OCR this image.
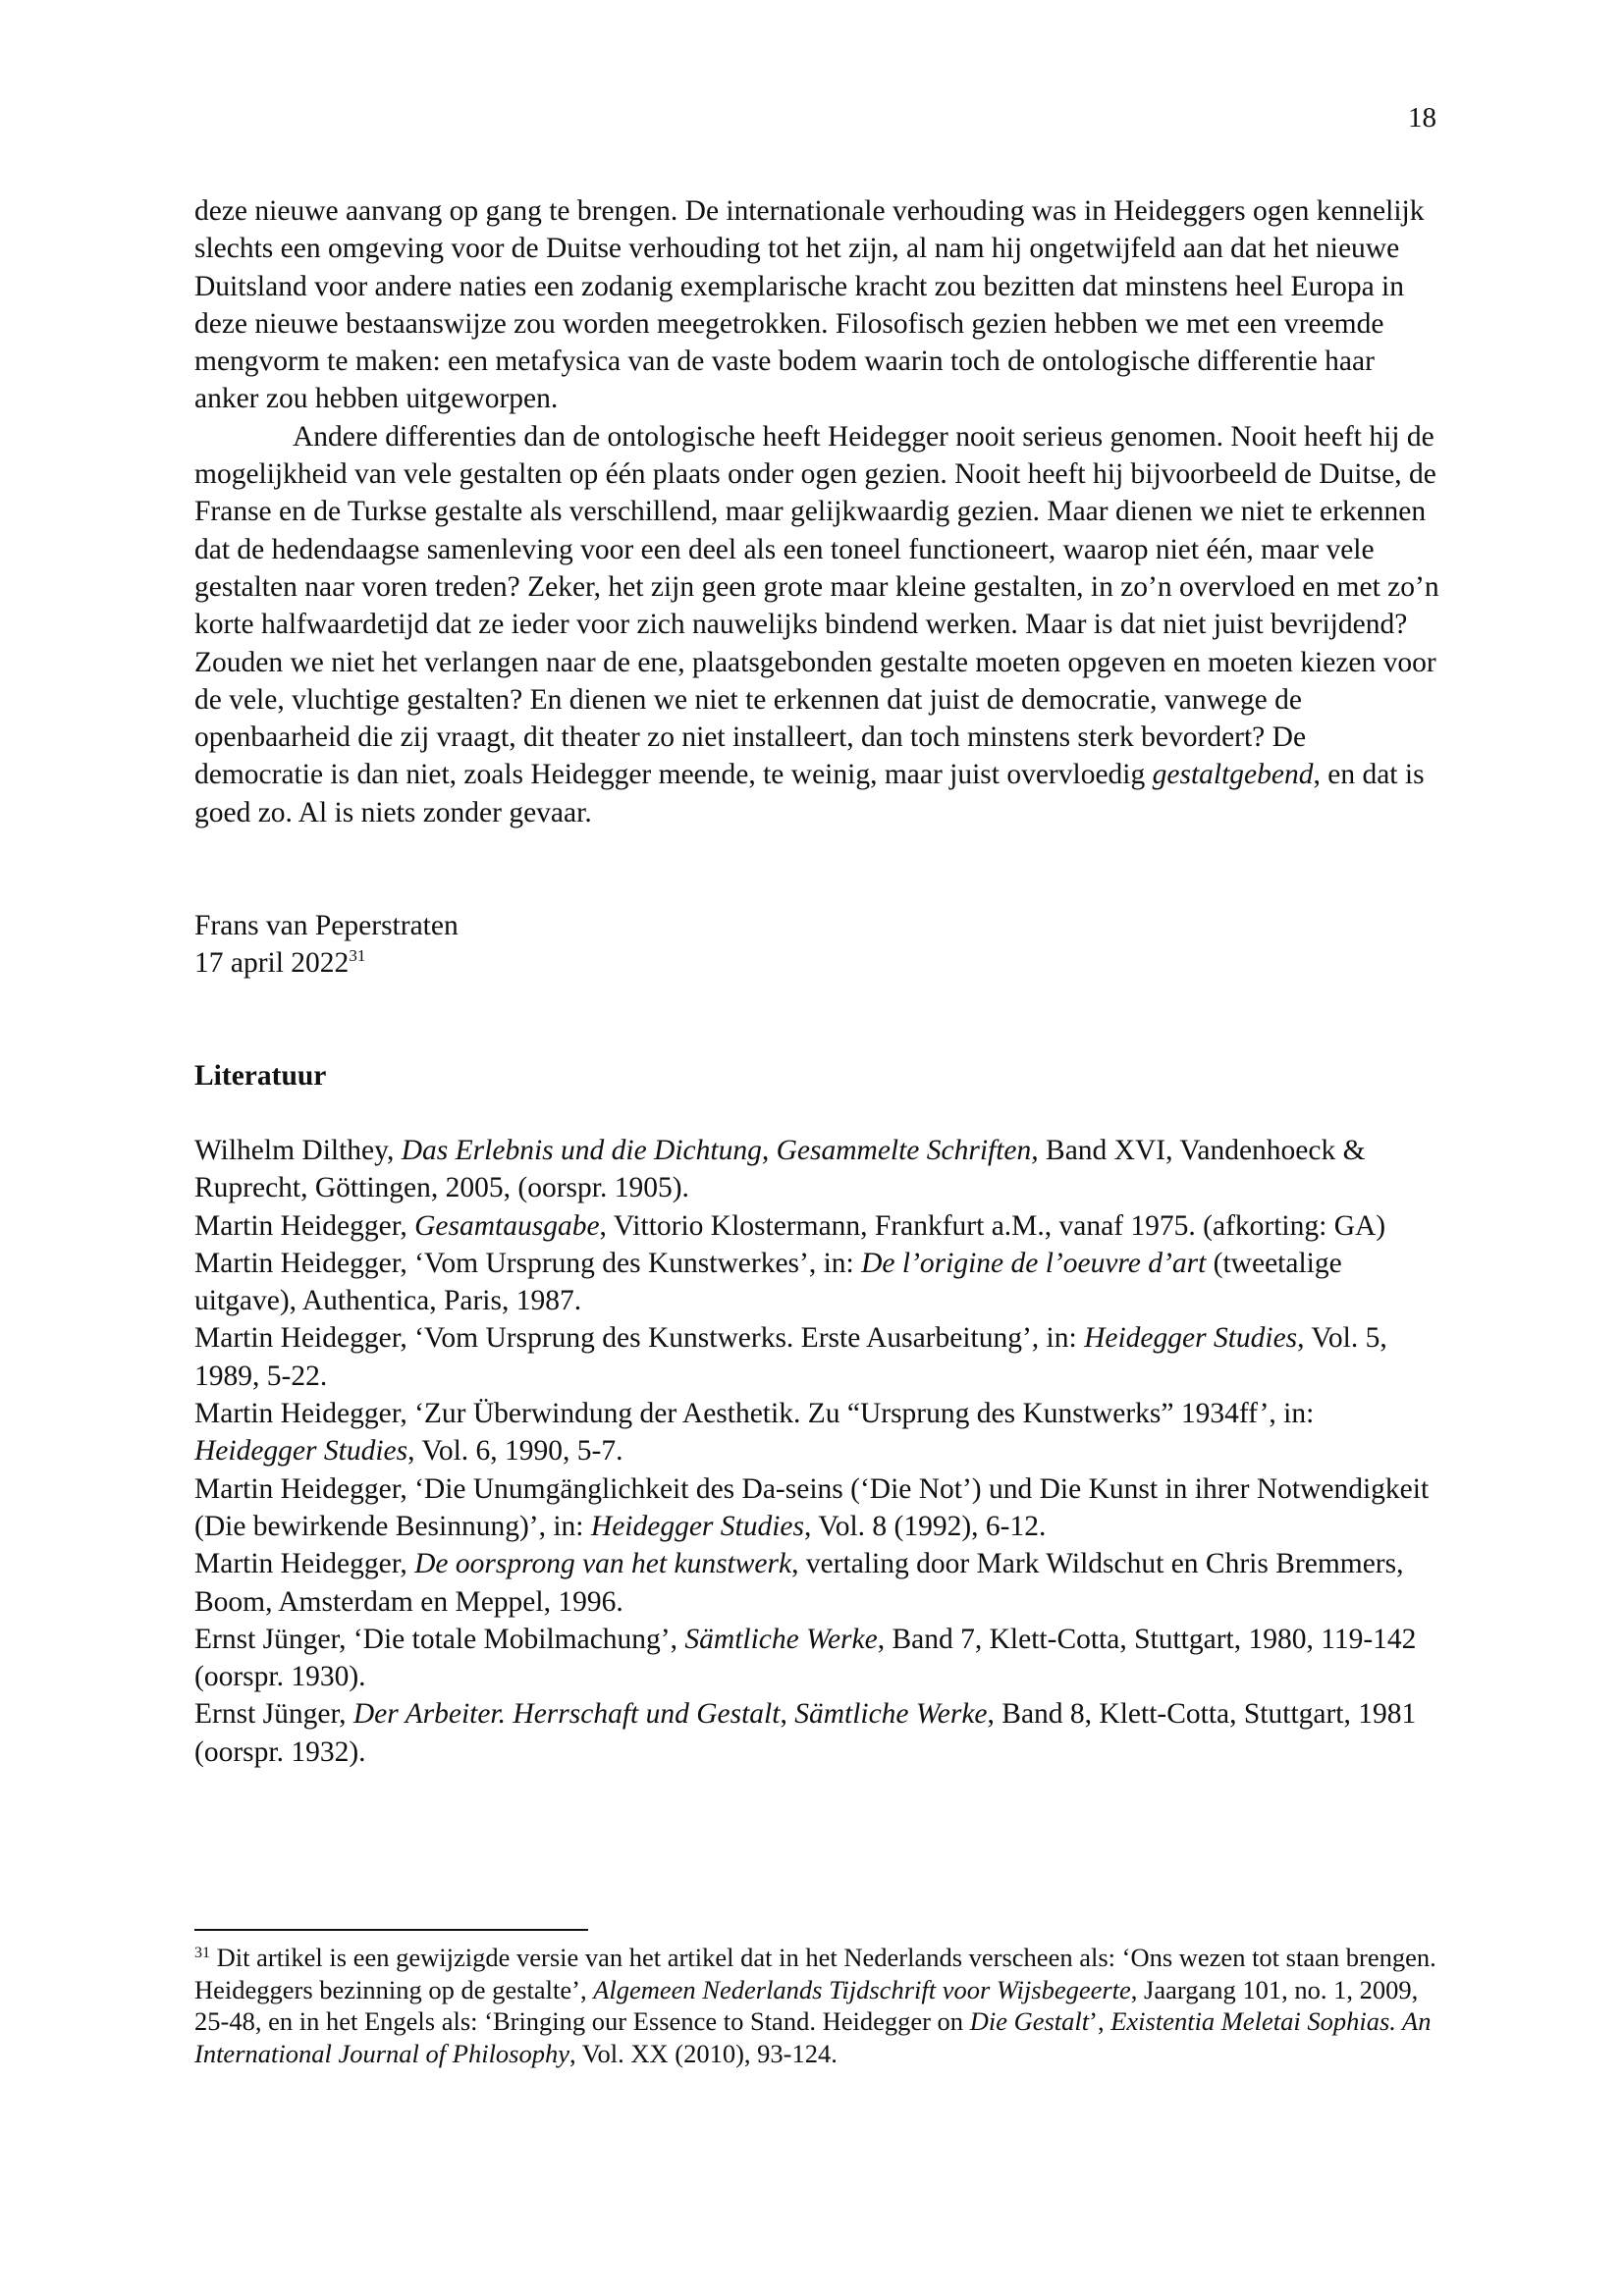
18

deze nieuwe aanvang op gang te brengen. De internationale verhouding was in Heideggers ogen kennelijk slechts een omgeving voor de Duitse verhouding tot het zijn, al nam hij ongetwijfeld aan dat het nieuwe Duitsland voor andere naties een zodanig exemplarische kracht zou bezitten dat minstens heel Europa in deze nieuwe bestaanswijze zou worden meegetrokken. Filosofisch gezien hebben we met een vreemde mengvorm te maken: een metafysica van de vaste bodem waarin toch de ontologische differentie haar anker zou hebben uitgeworpen.

Andere differenties dan de ontologische heeft Heidegger nooit serieus genomen. Nooit heeft hij de mogelijkheid van vele gestalten op één plaats onder ogen gezien. Nooit heeft hij bijvoorbeeld de Duitse, de Franse en de Turkse gestalte als verschillend, maar gelijkwaardig gezien. Maar dienen we niet te erkennen dat de hedendaagse samenleving voor een deel als een toneel functioneert, waarop niet één, maar vele gestalten naar voren treden? Zeker, het zijn geen grote maar kleine gestalten, in zo’n overvloed en met zo’n korte halfwaardetijd dat ze ieder voor zich nauwelijks bindend werken. Maar is dat niet juist bevrijdend? Zouden we niet het verlangen naar de ene, plaatsgebonden gestalte moeten opgeven en moeten kiezen voor de vele, vluchtige gestalten? En dienen we niet te erkennen dat juist de democratie, vanwege de openbaarheid die zij vraagt, dit theater zo niet installeert, dan toch minstens sterk bevordert? De democratie is dan niet, zoals Heidegger meende, te weinig, maar juist overvloedig gestaltgebend, en dat is goed zo. Al is niets zonder gevaar.

Frans van Peperstraten
17 april 2022$^{31}$
Literatuur

Wilhelm Dilthey, Das Erlebnis und die Dichtung, Gesammelte Schriften, Band XVI, Vandenhoeck & Ruprecht, Göttingen, 2005, (oorspr. 1905).

Martin Heidegger, Gesamtausgabe, Vittorio Klostermann, Frankfurt a.M., vanaf 1975. (afkorting: GA)

Martin Heidegger, ‘Vom Ursprung des Kunstwerkes’, in: De l’origine de l’oeuvre d’art (tweetalige uitgave), Authentica, Paris, 1987.

Martin Heidegger, ‘Vom Ursprung des Kunstwerks. Erste Ausarbeitung’, in: Heidegger Studies, Vol. 5, 1989, 5-22.

Martin Heidegger, ‘Zur Überwindung der Aesthetik. Zu “Ursprung des Kunstwerks” 1934ff’, in: Heidegger Studies, Vol. 6, 1990, 5-7.

Martin Heidegger, ‘Die Unumgänglichkeit des Da-seins (‘Die Not’) und Die Kunst in ihrer Notwendigkeit (Die bewirkende Besinnung)’, in: Heidegger Studies, Vol. 8 (1992), 6-12.

Martin Heidegger, De oorsprong van het kunstwerk, vertaling door Mark Wildschut en Chris Bremmers, Boom, Amsterdam en Meppel, 1996.

Ernst Jünger, ‘Die totale Mobilmachung’, Sämtliche Werke, Band 7, Klett-Cotta, Stuttgart, 1980, 119-142 (oorspr. 1930).

Ernst Jünger, Der Arbeiter. Herrschaft und Gestalt, Sämtliche Werke, Band 8, Klett-Cotta, Stuttgart, 1981 (oorspr. 1932).

$^{31}$ Dit artikel is een gewijzigde versie van het artikel dat in het Nederlands verscheen als: ‘Ons wezen tot staan brengen. Heideggers bezinning op de gestalte’, Algemeen Nederlands Tijdschrift voor Wijsbegeerte, Jaargang 101, no. 1, 2009, 25-48, en in het Engels als: ‘Bringing our Essence to Stand. Heidegger on Die Gestalt’, Existentia Meletai Sophias. An International Journal of Philosophy, Vol. XX (2010), 93-124.
